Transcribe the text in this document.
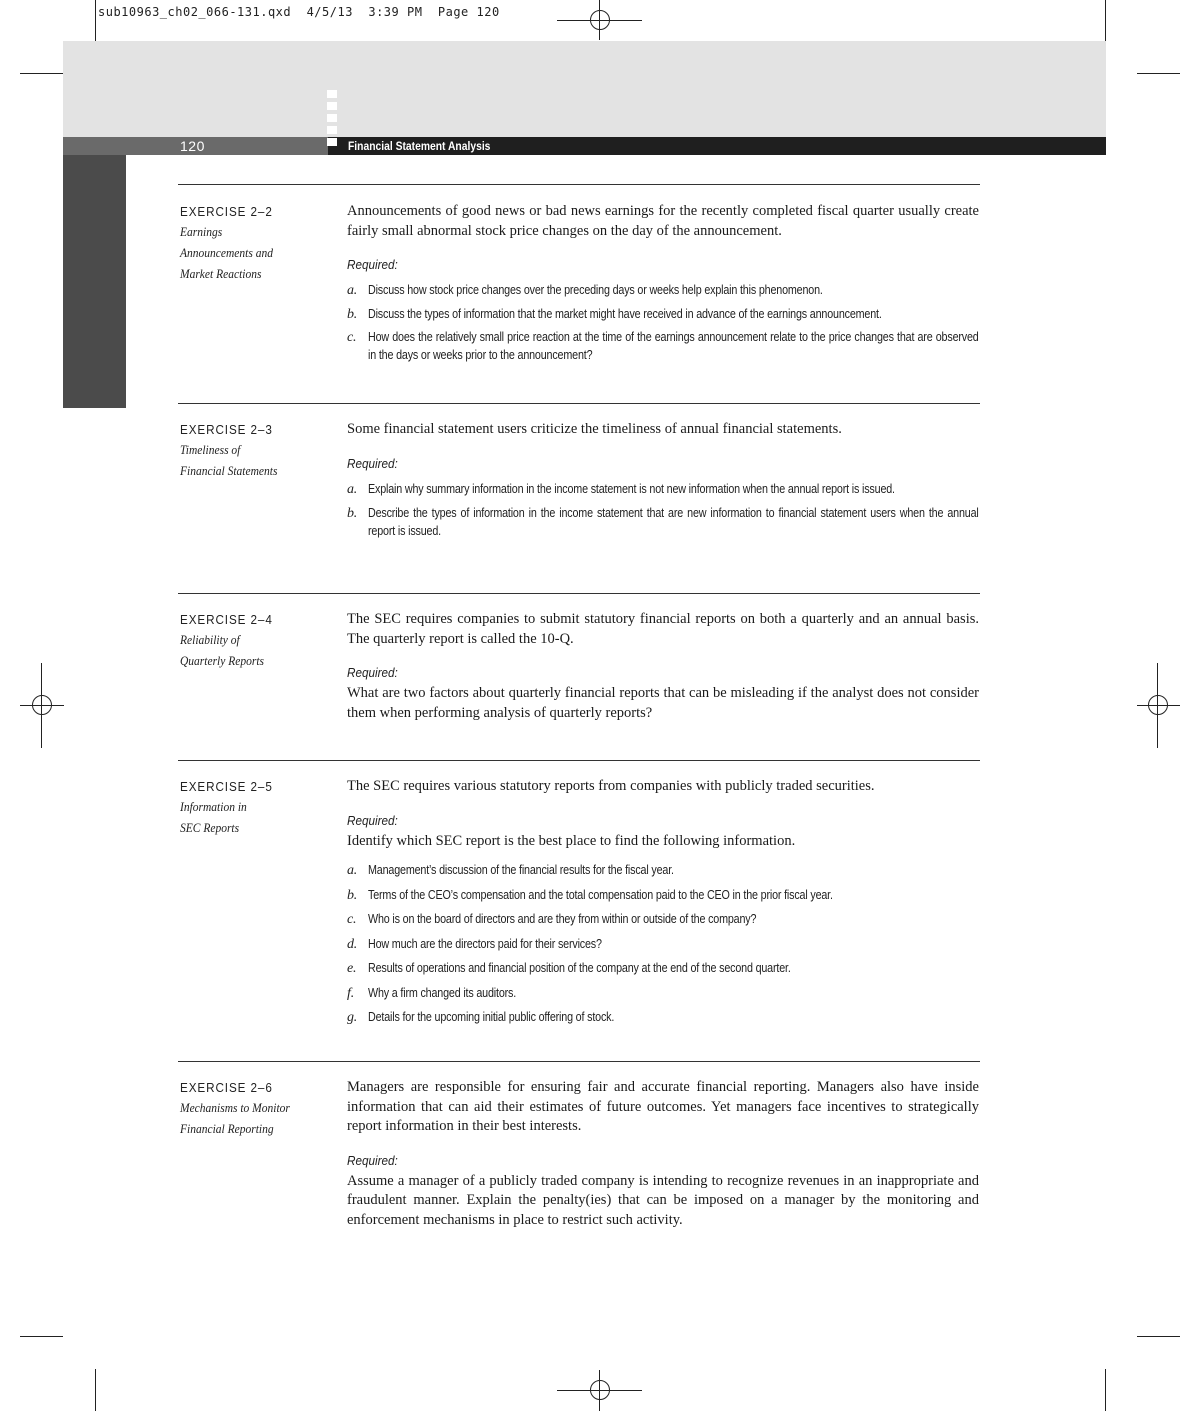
sub10963_ch02_066-131.qxd  4/5/13  3:39 PM  Page 120
120	Financial Statement Analysis
EXERCISE 2–2
Earnings
Announcements and
Market Reactions

Announcements of good news or bad news earnings for the recently completed fiscal quarter usually create fairly small abnormal stock price changes on the day of the announcement.

Required:

a. Discuss how stock price changes over the preceding days or weeks help explain this phenomenon.
b. Discuss the types of information that the market might have received in advance of the earnings announcement.
c. How does the relatively small price reaction at the time of the earnings announcement relate to the price changes that are observed in the days or weeks prior to the announcement?
EXERCISE 2–3
Timeliness of
Financial Statements

Some financial statement users criticize the timeliness of annual financial statements.

Required:

a. Explain why summary information in the income statement is not new information when the annual report is issued.
b. Describe the types of information in the income statement that are new information to financial statement users when the annual report is issued.
EXERCISE 2–4
Reliability of
Quarterly Reports

The SEC requires companies to submit statutory financial reports on both a quarterly and an annual basis. The quarterly report is called the 10-Q.

Required:

What are two factors about quarterly financial reports that can be misleading if the analyst does not consider them when performing analysis of quarterly reports?

EXERCISE 2–5
Information in
SEC Reports

The SEC requires various statutory reports from companies with publicly traded securities.

Required:

Identify which SEC report is the best place to find the following information.

a. Management’s discussion of the financial results for the fiscal year.
b. Terms of the CEO’s compensation and the total compensation paid to the CEO in the prior fiscal year.
c. Who is on the board of directors and are they from within or outside of the company?
d. How much are the directors paid for their services?
e. Results of operations and financial position of the company at the end of the second quarter.
f. Why a firm changed its auditors.
g. Details for the upcoming initial public offering of stock.
EXERCISE 2–6
Mechanisms to Monitor
Financial Reporting

Managers are responsible for ensuring fair and accurate financial reporting. Managers also have inside information that can aid their estimates of future outcomes. Yet managers face incentives to strategically report information in their best interests.

Required:

Assume a manager of a publicly traded company is intending to recognize revenues in an inappropriate and fraudulent manner. Explain the penalty(ies) that can be imposed on a manager by the monitoring and enforcement mechanisms in place to restrict such activity.
